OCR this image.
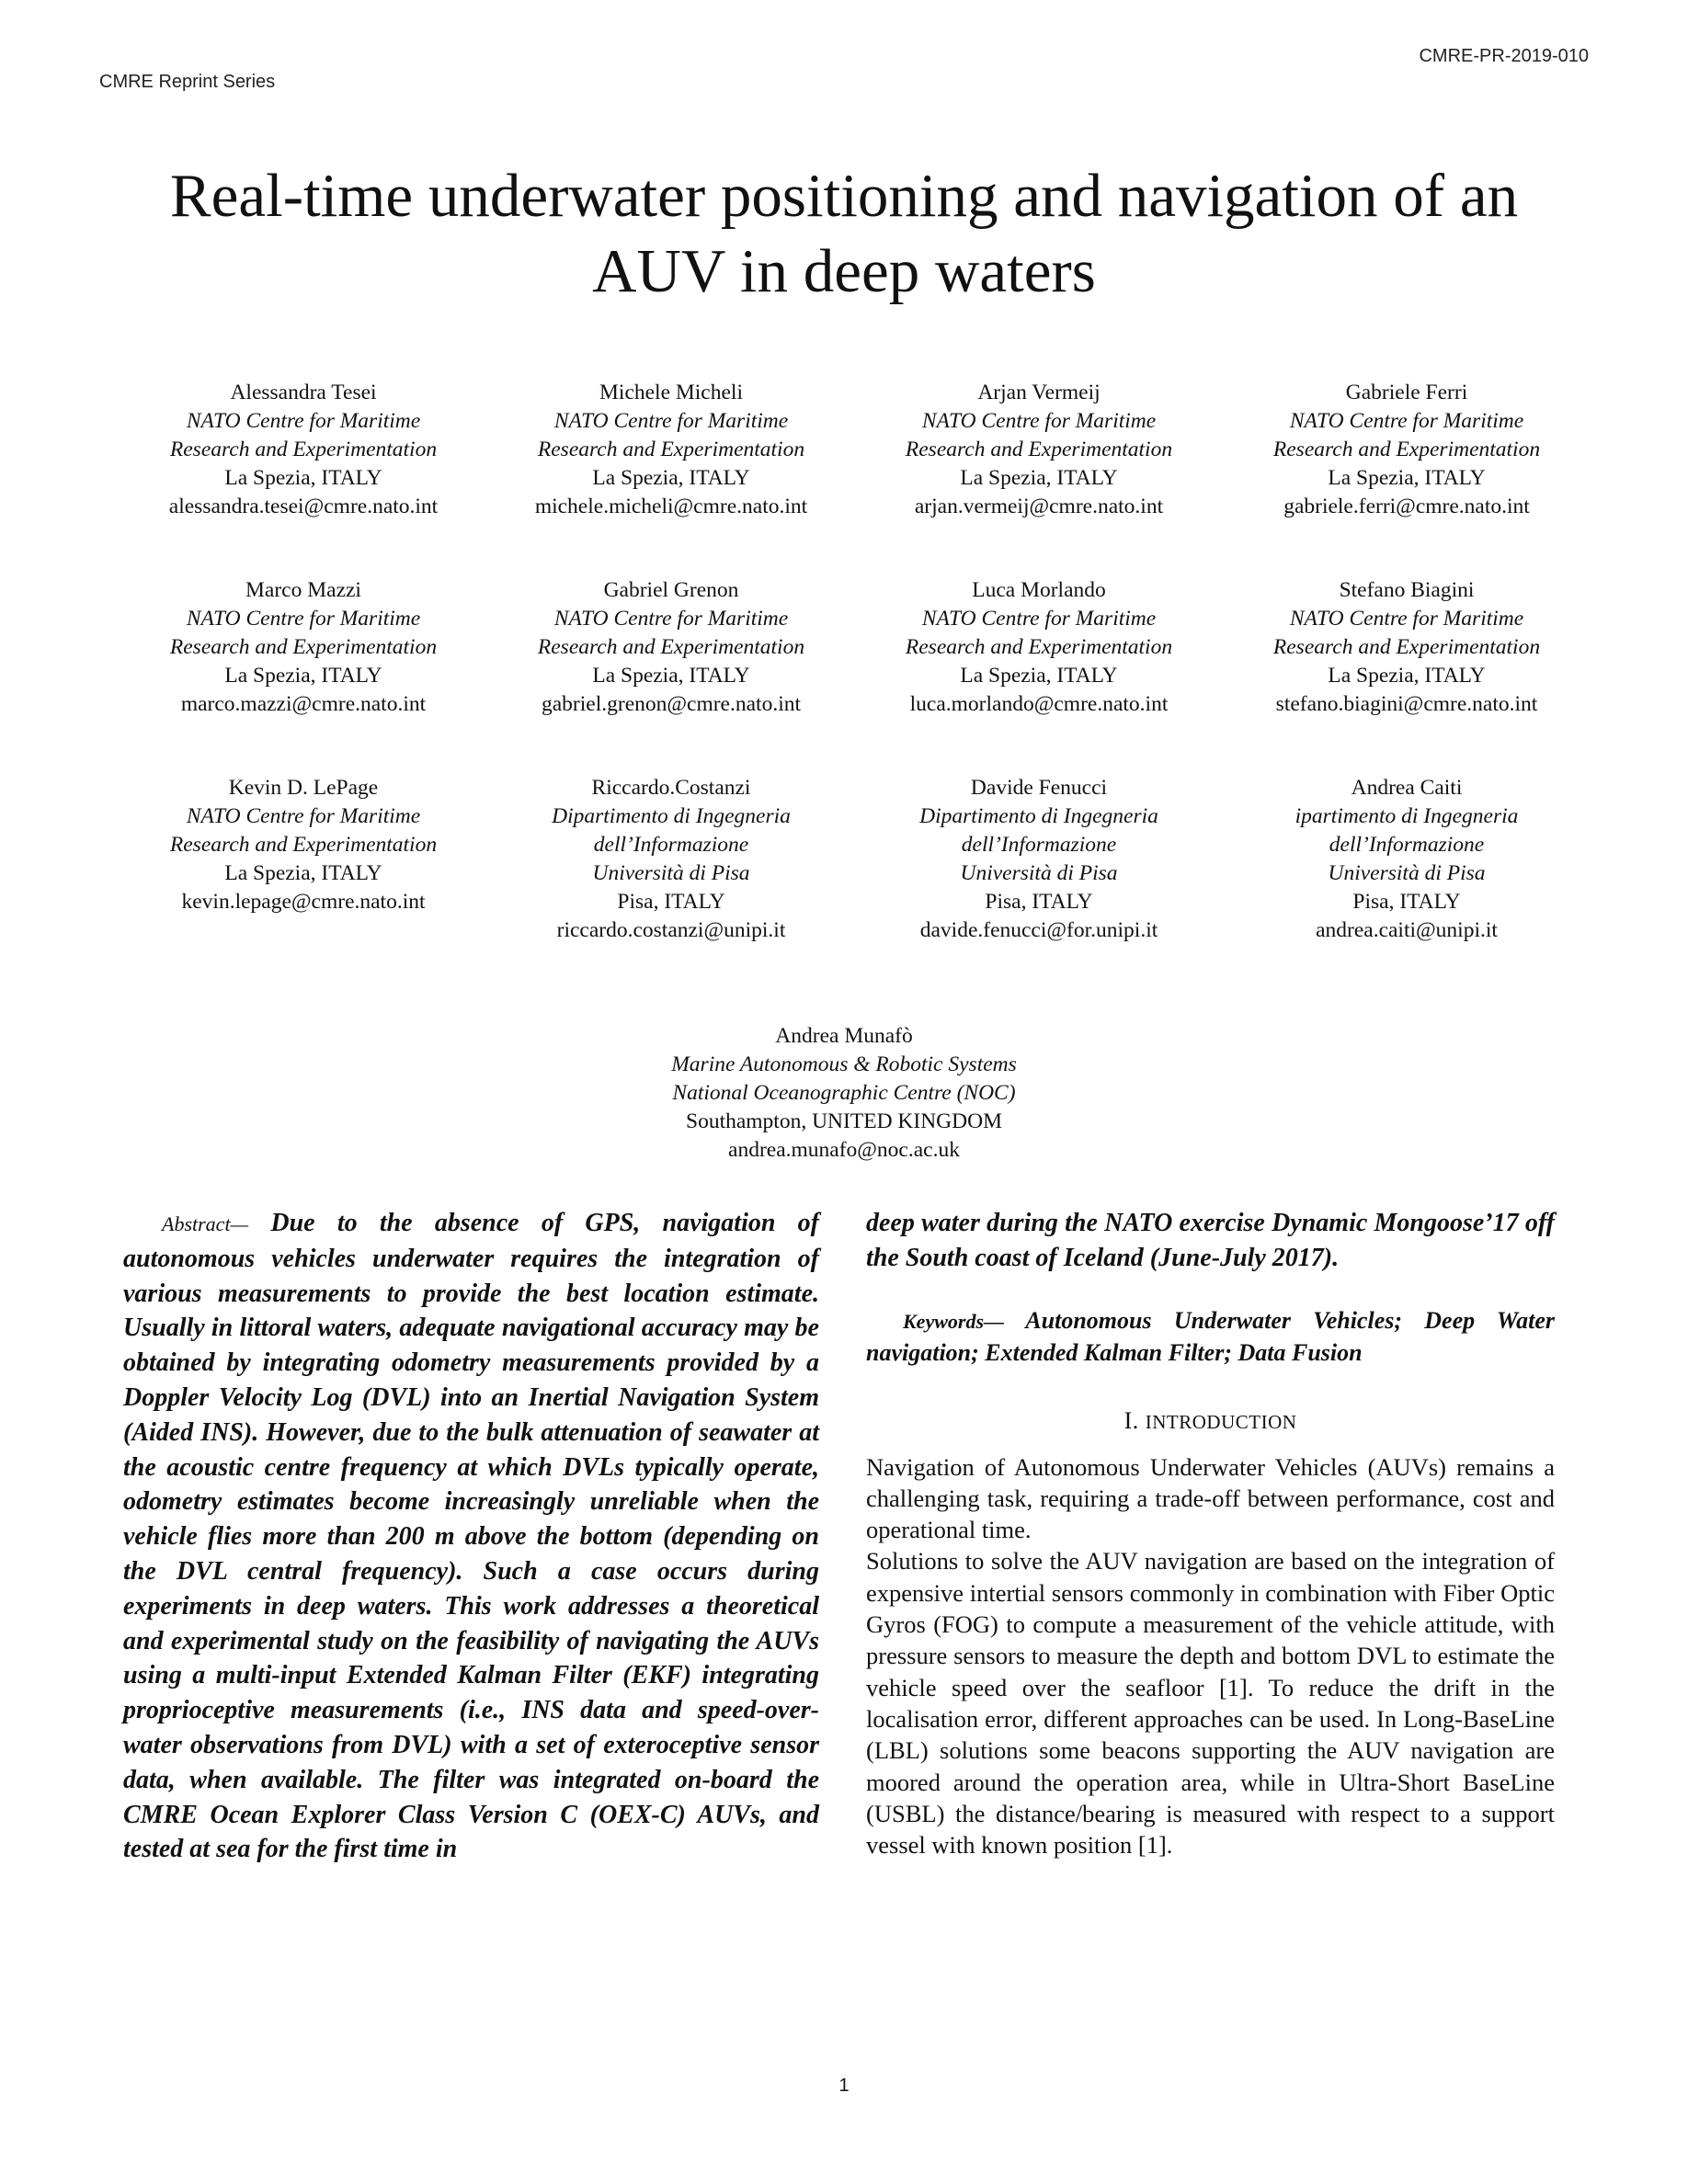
CMRE Reprint Series
CMRE-PR-2019-010
Real-time underwater positioning and navigation of an AUV in deep waters
Alessandra Tesei
NATO Centre for Maritime
Research and Experimentation
La Spezia, ITALY
alessandra.tesei@cmre.nato.int
Michele Micheli
NATO Centre for Maritime
Research and Experimentation
La Spezia, ITALY
michele.micheli@cmre.nato.int
Arjan Vermeij
NATO Centre for Maritime
Research and Experimentation
La Spezia, ITALY
arjan.vermeij@cmre.nato.int
Gabriele Ferri
NATO Centre for Maritime
Research and Experimentation
La Spezia, ITALY
gabriele.ferri@cmre.nato.int
Marco Mazzi
NATO Centre for Maritime
Research and Experimentation
La Spezia, ITALY
marco.mazzi@cmre.nato.int
Gabriel Grenon
NATO Centre for Maritime
Research and Experimentation
La Spezia, ITALY
gabriel.grenon@cmre.nato.int
Luca Morlando
NATO Centre for Maritime
Research and Experimentation
La Spezia, ITALY
luca.morlando@cmre.nato.int
Stefano Biagini
NATO Centre for Maritime
Research and Experimentation
La Spezia, ITALY
stefano.biagini@cmre.nato.int
Kevin D. LePage
NATO Centre for Maritime
Research and Experimentation
La Spezia, ITALY
kevin.lepage@cmre.nato.int
Riccardo.Costanzi
Dipartimento di Ingegneria
dell’Informazione
Università di Pisa
Pisa, ITALY
riccardo.costanzi@unipi.it
Davide Fenucci
Dipartimento di Ingegneria
dell’Informazione
Università di Pisa
Pisa, ITALY
davide.fenucci@for.unipi.it
Andrea Caiti
ipartimento di Ingegneria
dell’Informazione
Università di Pisa
Pisa, ITALY
andrea.caiti@unipi.it
Andrea Munafò
Marine Autonomous & Robotic Systems
National Oceanographic Centre (NOC)
Southampton, UNITED KINGDOM
andrea.munafo@noc.ac.uk

Abstract— Due to the absence of GPS, navigation of autonomous vehicles underwater requires the integration of various measurements to provide the best location estimate. Usually in littoral waters, adequate navigational accuracy may be obtained by integrating odometry measurements provided by a Doppler Velocity Log (DVL) into an Inertial Navigation System (Aided INS). However, due to the bulk attenuation of seawater at the acoustic centre frequency at which DVLs typically operate, odometry estimates become increasingly unreliable when the vehicle flies more than 200 m above the bottom (depending on the DVL central frequency). Such a case occurs during experiments in deep waters. This work addresses a theoretical and experimental study on the feasibility of navigating the AUVs using a multi-input Extended Kalman Filter (EKF) integrating proprioceptive measurements (i.e., INS data and speed-over-water observations from DVL) with a set of exteroceptive sensor data, when available. The filter was integrated on-board the CMRE Ocean Explorer Class Version C (OEX-C) AUVs, and tested at sea for the first time in

deep water during the NATO exercise Dynamic Mongoose’17 off the South coast of Iceland (June-July 2017).

Keywords— Autonomous Underwater Vehicles; Deep Water navigation; Extended Kalman Filter; Data Fusion

I. INTRODUCTION

Navigation of Autonomous Underwater Vehicles (AUVs) remains a challenging task, requiring a trade-off between performance, cost and operational time.

Solutions to solve the AUV navigation are based on the integration of expensive intertial sensors commonly in combination with Fiber Optic Gyros (FOG) to compute a measurement of the vehicle attitude, with pressure sensors to measure the depth and bottom DVL to estimate the vehicle speed over the seafloor [1]. To reduce the drift in the localisation error, different approaches can be used. In Long-BaseLine (LBL) solutions some beacons supporting the AUV navigation are moored around the operation area, while in Ultra-Short BaseLine (USBL) the distance/bearing is measured with respect to a support vessel with known position [1].

1
